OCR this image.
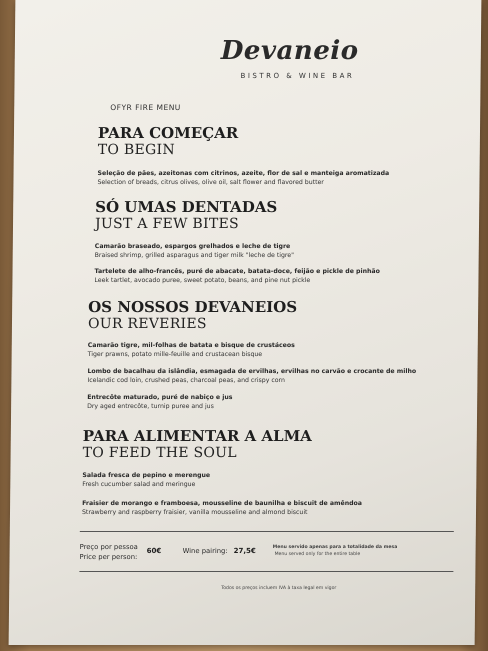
Devaneio
BISTRO & WINE BAR
OFYR FIRE MENU
PARA COMEÇAR
TO BEGIN
Seleção de pães, azeitonas com citrinos, azeite, flor de sal e manteiga aromatizada
Selection of breads, citrus olives, olive oil, salt flower and flavored butter
SÓ UMAS DENTADAS
JUST A FEW BITES
Camarão braseado, espargos grelhados e leche de tigre
Braised shrimp, grilled asparagus and tiger milk "leche de tigre"
Tartelete de alho-francês, puré de abacate, batata-doce, feijão e pickle de pinhão
Leek tartlet, avocado puree, sweet potato, beans, and pine nut pickle
OS NOSSOS DEVANEIOS
OUR REVERIES
Camarão tigre, mil-folhas de batata e bisque de crustáceos
Tiger prawns, potato mille-feuille and crustacean bisque
Lombo de bacalhau da islândia, esmagada de ervilhas, ervilhas no carvão e crocante de milho
Icelandic cod loin, crushed peas, charcoal peas, and crispy corn
Entrecôte maturado, puré de nabiço e jus
Dry aged entrecôte, turnip puree and jus
PARA ALIMENTAR A ALMA
TO FEED THE SOUL
Salada fresca de pepino e merengue
Fresh cucumber salad and meringue
Fraisier de morango e framboesa, mousseline de baunilha e biscuit de amêndoa
Strawberry and raspberry fraisier, vanilla mousseline and almond biscuit
Preço por pessoa
Price per person:
60€	Wine pairing: 27,5€	Menu servido apenas para a totalidade da mesa
Menu served only for the entire table
Todos os preços incluem IVA à taxa legal em vigor
